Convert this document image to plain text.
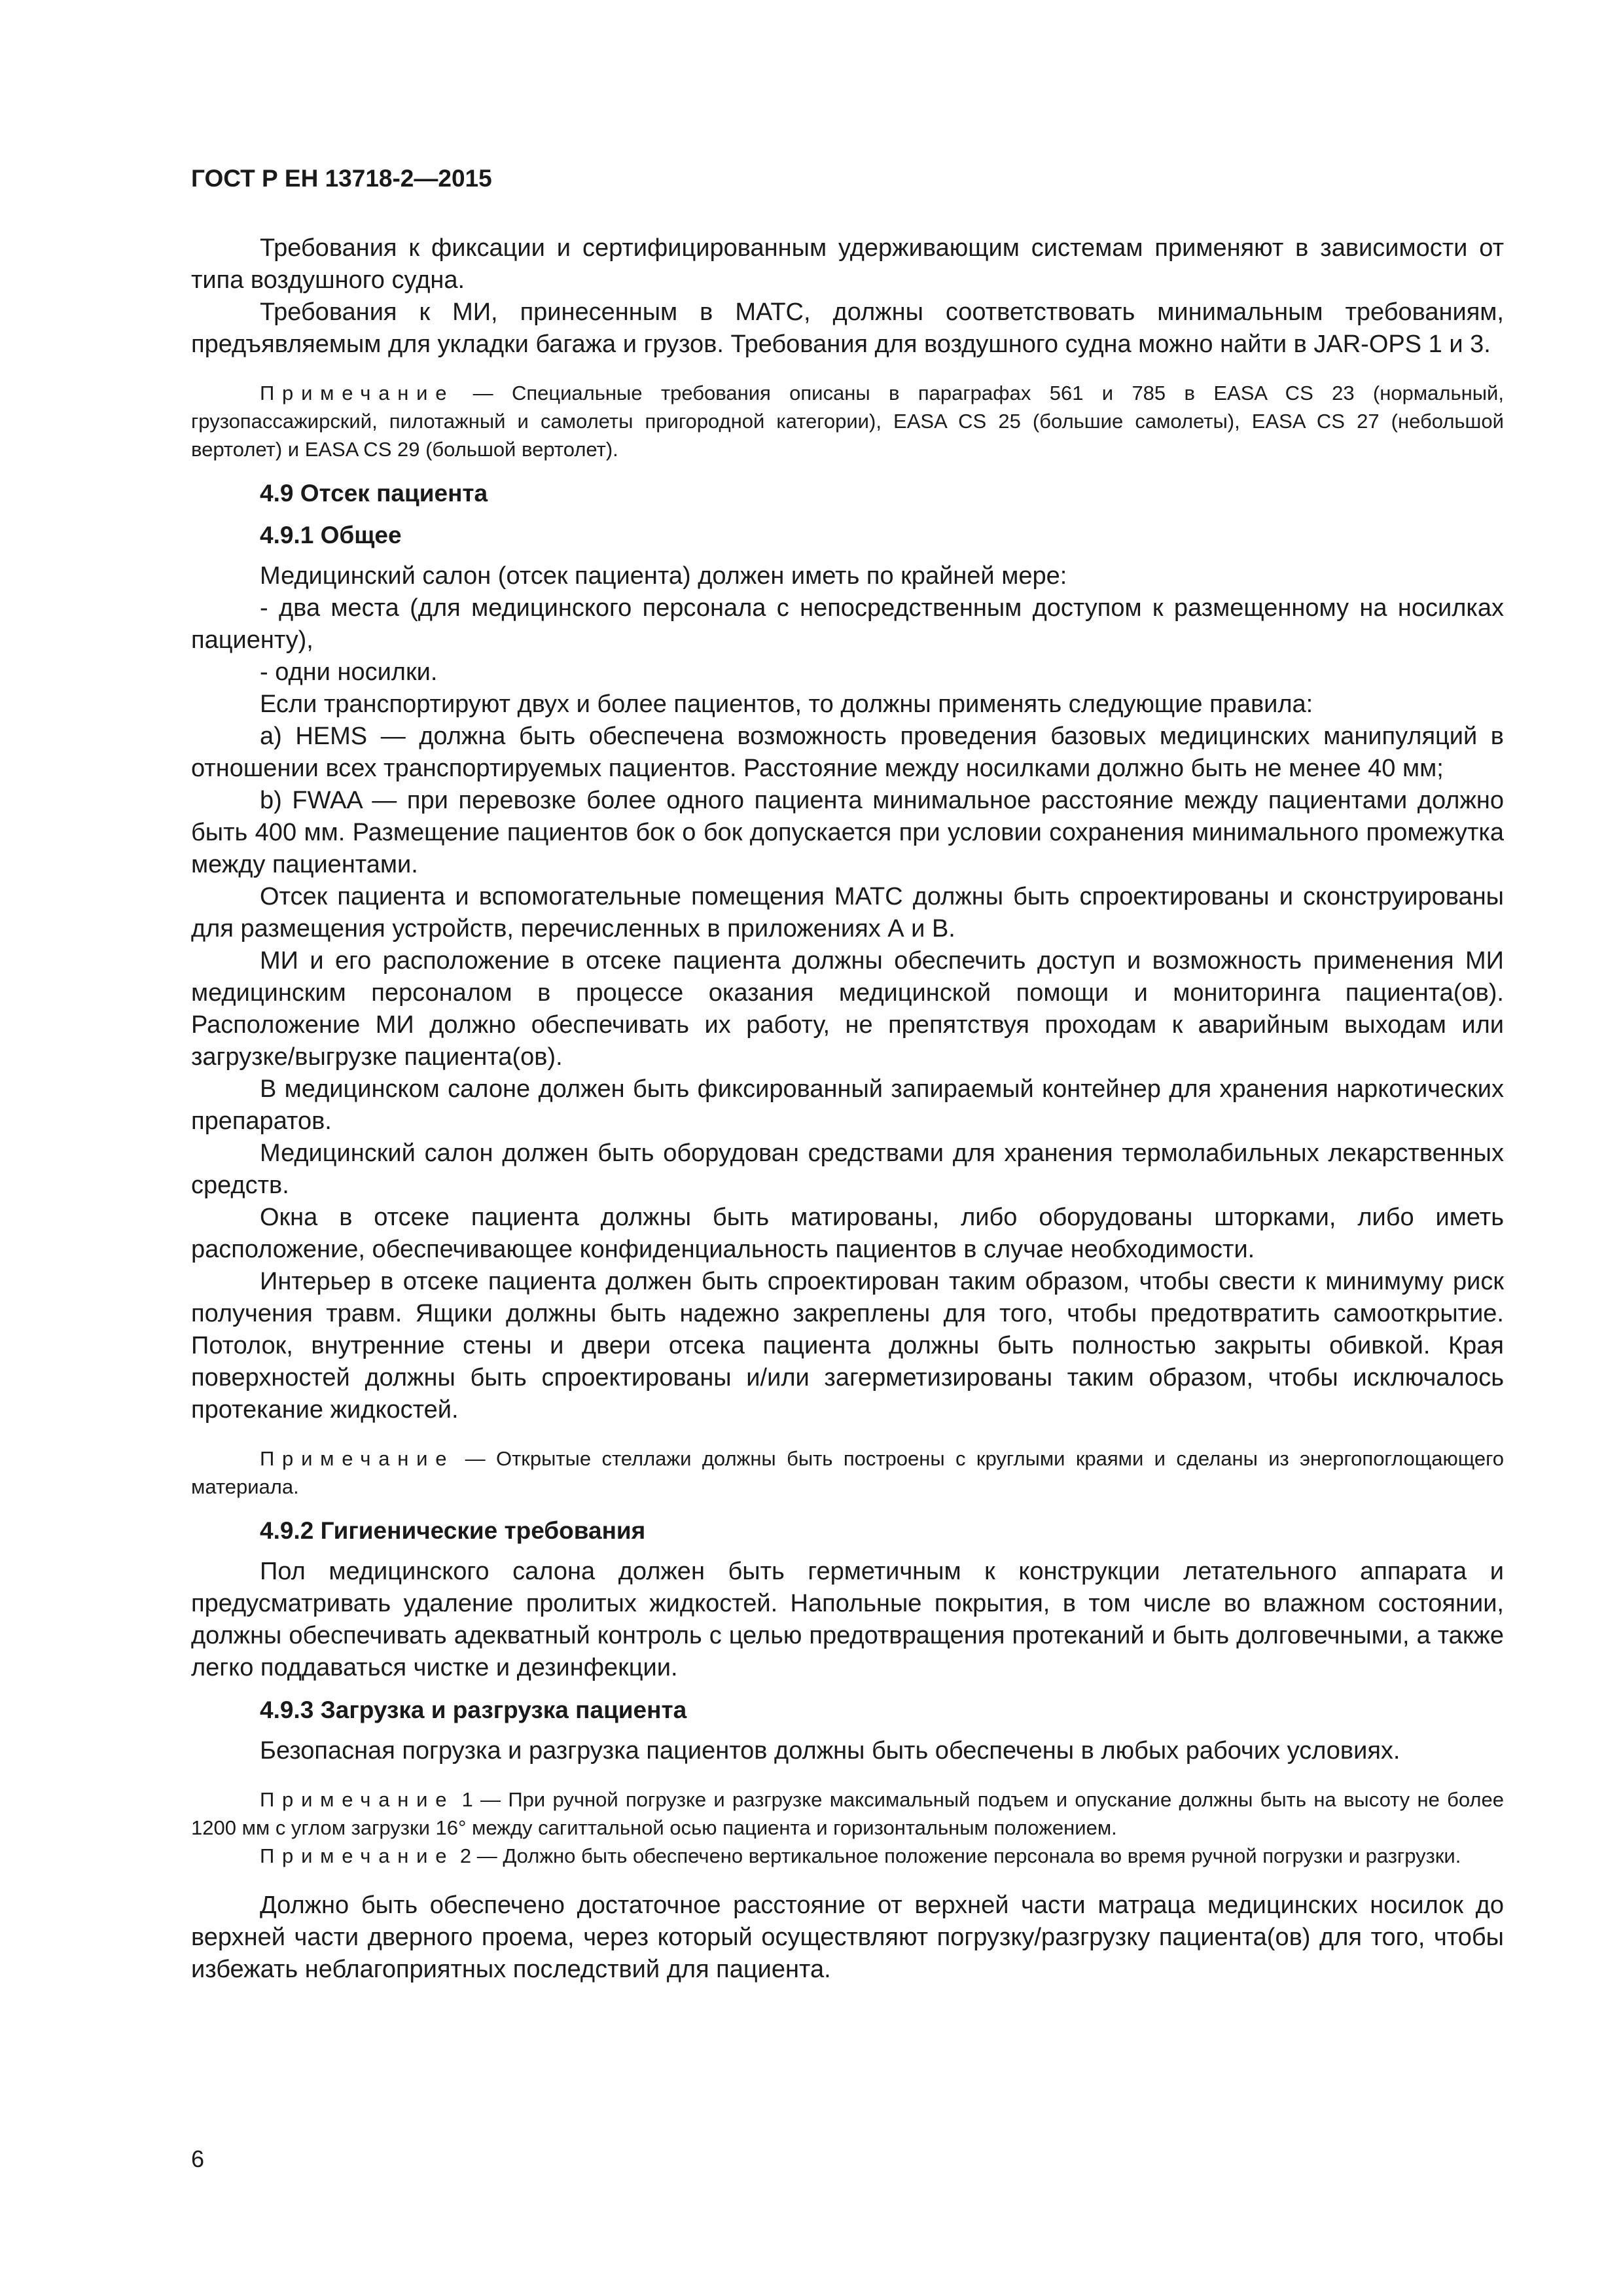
ГОСТ Р ЕН 13718-2—2015

Требования к фиксации и сертифицированным удерживающим системам применяют в зависимости от типа воздушного судна.

Требования к МИ, принесенным в МАТС, должны соответствовать минимальным требованиям, предъявляемым для укладки багажа и грузов. Требования для воздушного судна можно найти в JAR-OPS 1 и 3.

Примечание — Специальные требования описаны в параграфах 561 и 785 в EASA CS 23 (нормальный, грузопассажирский, пилотажный и самолеты пригородной категории), EASA CS 25 (большие самолеты), EASA CS 27 (небольшой вертолет) и EASA CS 29 (большой вертолет).

4.9 Отсек пациента
4.9.1 Общее

Медицинский салон (отсек пациента) должен иметь по крайней мере:

- два места (для медицинского персонала с непосредственным доступом к размещенному на носилках пациенту),

- одни носилки.

Если транспортируют двух и более пациентов, то должны применять следующие правила:

a) HEMS — должна быть обеспечена возможность проведения базовых медицинских манипуляций в отношении всех транспортируемых пациентов. Расстояние между носилками должно быть не менее 40 мм;

b) FWAA — при перевозке более одного пациента минимальное расстояние между пациентами должно быть 400 мм. Размещение пациентов бок о бок допускается при условии сохранения минимального промежутка между пациентами.

Отсек пациента и вспомогательные помещения МАТС должны быть спроектированы и сконструированы для размещения устройств, перечисленных в приложениях А и В.

МИ и его расположение в отсеке пациента должны обеспечить доступ и возможность применения МИ медицинским персоналом в процессе оказания медицинской помощи и мониторинга пациента(ов). Расположение МИ должно обеспечивать их работу, не препятствуя проходам к аварийным выходам или загрузке/выгрузке пациента(ов).

В медицинском салоне должен быть фиксированный запираемый контейнер для хранения наркотических препаратов.

Медицинский салон должен быть оборудован средствами для хранения термолабильных лекарственных средств.

Окна в отсеке пациента должны быть матированы, либо оборудованы шторками, либо иметь расположение, обеспечивающее конфиденциальность пациентов в случае необходимости.

Интерьер в отсеке пациента должен быть спроектирован таким образом, чтобы свести к минимуму риск получения травм. Ящики должны быть надежно закреплены для того, чтобы предотвратить самооткрытие. Потолок, внутренние стены и двери отсека пациента должны быть полностью закрыты обивкой. Края поверхностей должны быть спроектированы и/или загерметизированы таким образом, чтобы исключалось протекание жидкостей.

Примечание — Открытые стеллажи должны быть построены с круглыми краями и сделаны из энергопоглощающего материала.

4.9.2 Гигиенические требования

Пол медицинского салона должен быть герметичным к конструкции летательного аппарата и предусматривать удаление пролитых жидкостей. Напольные покрытия, в том числе во влажном состоянии, должны обеспечивать адекватный контроль с целью предотвращения протеканий и быть долговечными, а также легко поддаваться чистке и дезинфекции.

4.9.3 Загрузка и разгрузка пациента

Безопасная погрузка и разгрузка пациентов должны быть обеспечены в любых рабочих условиях.

Примечание 1 — При ручной погрузке и разгрузке максимальный подъем и опускание должны быть на высоту не более 1200 мм с углом загрузки 16° между сагиттальной осью пациента и горизонтальным положением.

Примечание 2 — Должно быть обеспечено вертикальное положение персонала во время ручной погрузки и разгрузки.

Должно быть обеспечено достаточное расстояние от верхней части матраца медицинских носилок до верхней части дверного проема, через который осуществляют погрузку/разгрузку пациента(ов) для того, чтобы избежать неблагоприятных последствий для пациента.

6
